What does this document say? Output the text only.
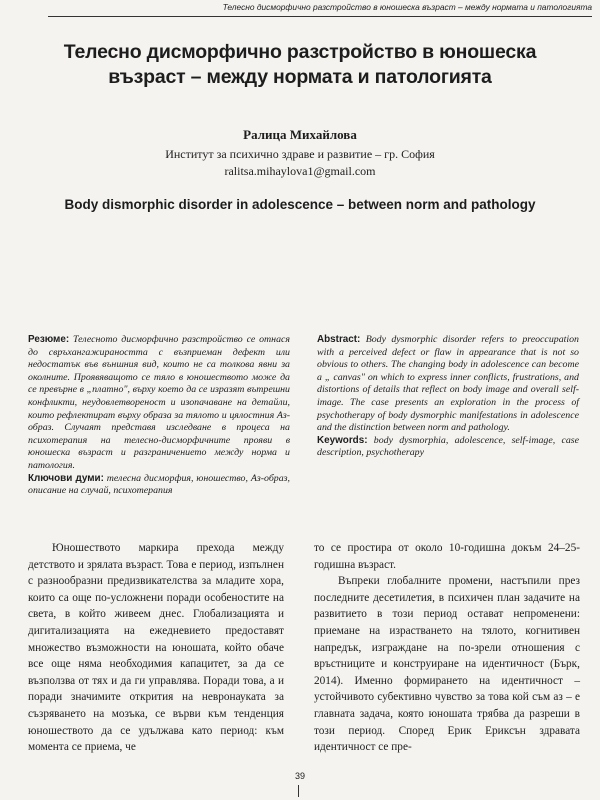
Телесно дисморфично разстройство в юношеска възраст – между нормата и патологията
Телесно дисморфично разстройство в юношеска
възраст – между нормата и патологията
Ралица Михайлова
Институт за психично здраве и развитие – гр. София
ralitsa.mihaylova1@gmail.com
Body dismorphic disorder in adolescence – between norm and pathology
Резюме: Телесното дисморфично разстройство се отнася до свръхангажираността с възприеман дефект или недостатък във външния вид, които не са толкова явни за околните. Проявяващото се тяло в юношеството може да се превърне в „платно", върху което да се изразят вътрешни конфликти, неудовлетвореност и изопачаване на детайли, които рефлектират върху образа за тялото и цялостния Аз-образ. Случаят представя изследване в процеса на психотерапия на телесно-дисморфичните прояви в юношеска възраст и разграничението между норма и патология.
Ключови думи: телесна дисморфия, юношество, Аз-образ, описание на случай, психотерапия
Abstract: Body dysmorphic disorder refers to preoccupation with a perceived defect or flaw in appearance that is not so obvious to others. The changing body in adolescence can become a „ canvas" on which to express inner conflicts, frustrations, and distortions of details that reflect on body image and overall self-image. The case presents an exploration in the process of psychotherapy of body dysmorphic manifestations in adolescence and the distinction between norm and pathology.
Keywords: body dysmorphia, adolescence, self-image, case description, psychotherapy

Юношеството маркира прехода между детството и зрялата възраст. Това е период, изпълнен с разнообразни предизвикателства за младите хора, които са още по-усложнени поради особеностите на света, в който живеем днес. Глобализацията и дигитализацията на ежедневието предоставят множество възможности на юношата, който обаче все още няма необходимия капацитет, за да се възползва от тях и да ги управлява. Поради това, а и поради значимите открития на невронауката за съзряването на мозъка, се върви към тенденция юношеството да се удължава като период: към момента се приема, че

то се простира от около 10-годишна докъм 24–25-годишна възраст.

Въпреки глобалните промени, настъпили през последните десетилетия, в психичен план задачите на развитието в този период остават непроменени: приемане на израстването на тялото, когнитивен напредък, изграждане на по-зрели отношения с връстниците и конструиране на идентичност (Бърк, 2014). Именно формирането на идентичност – устойчивото субективно чувство за това кой съм аз – е главната задача, която юношата трябва да разреши в този период. Според Ерик Ериксън здравата идентичност се пре-

39
